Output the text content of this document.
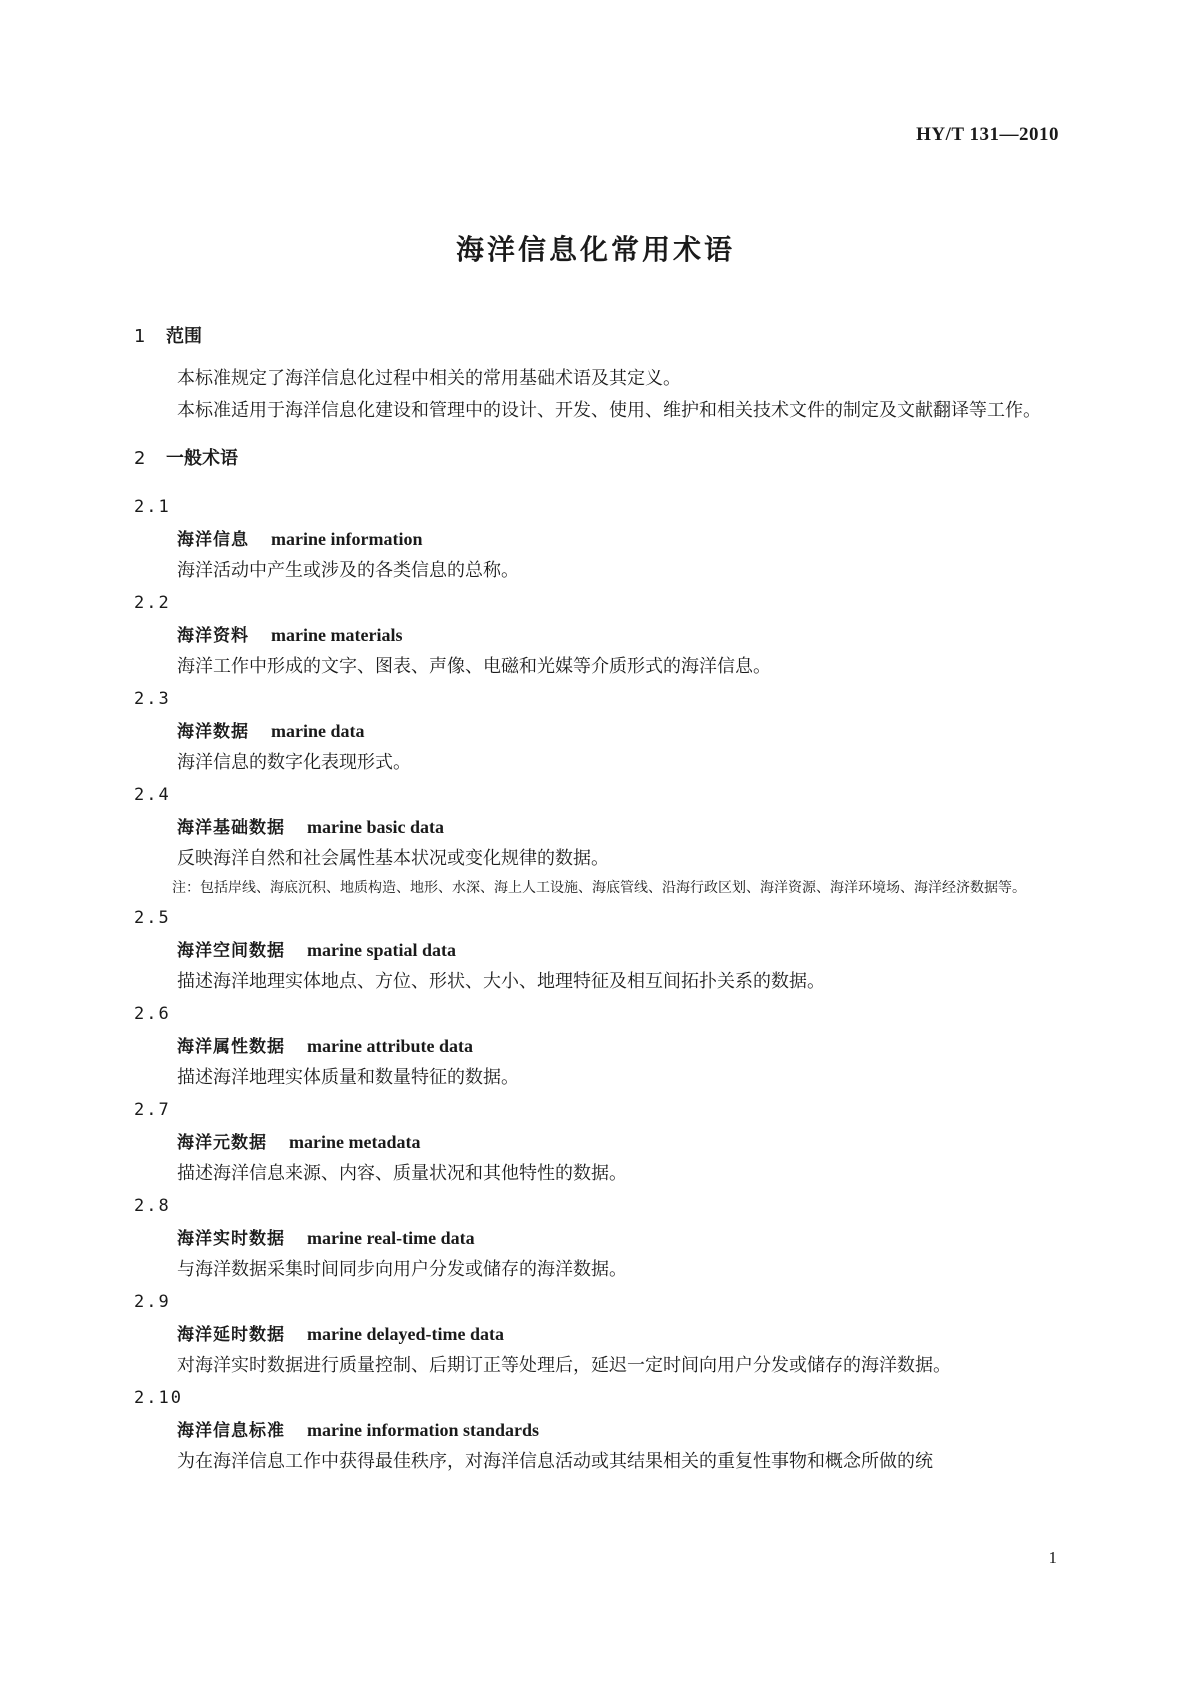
HY/T 131—2010
海洋信息化常用术语
1 范围
本标准规定了海洋信息化过程中相关的常用基础术语及其定义。
本标准适用于海洋信息化建设和管理中的设计、开发、使用、维护和相关技术文件的制定及文献翻译等工作。
2 一般术语
2.1
海洋信息 marine information
海洋活动中产生或涉及的各类信息的总称。
2.2
海洋资料 marine materials
海洋工作中形成的文字、图表、声像、电磁和光媒等介质形式的海洋信息。
2.3
海洋数据 marine data
海洋信息的数字化表现形式。
2.4
海洋基础数据 marine basic data
反映海洋自然和社会属性基本状况或变化规律的数据。
注：包括岸线、海底沉积、地质构造、地形、水深、海上人工设施、海底管线、沿海行政区划、海洋资源、海洋环境场、海洋经济数据等。
2.5
海洋空间数据 marine spatial data
描述海洋地理实体地点、方位、形状、大小、地理特征及相互间拓扑关系的数据。
2.6
海洋属性数据 marine attribute data
描述海洋地理实体质量和数量特征的数据。
2.7
海洋元数据 marine metadata
描述海洋信息来源、内容、质量状况和其他特性的数据。
2.8
海洋实时数据 marine real-time data
与海洋数据采集时间同步向用户分发或储存的海洋数据。
2.9
海洋延时数据 marine delayed-time data
对海洋实时数据进行质量控制、后期订正等处理后，延迟一定时间向用户分发或储存的海洋数据。
2.10
海洋信息标准 marine information standards
为在海洋信息工作中获得最佳秩序，对海洋信息活动或其结果相关的重复性事物和概念所做的统
1
